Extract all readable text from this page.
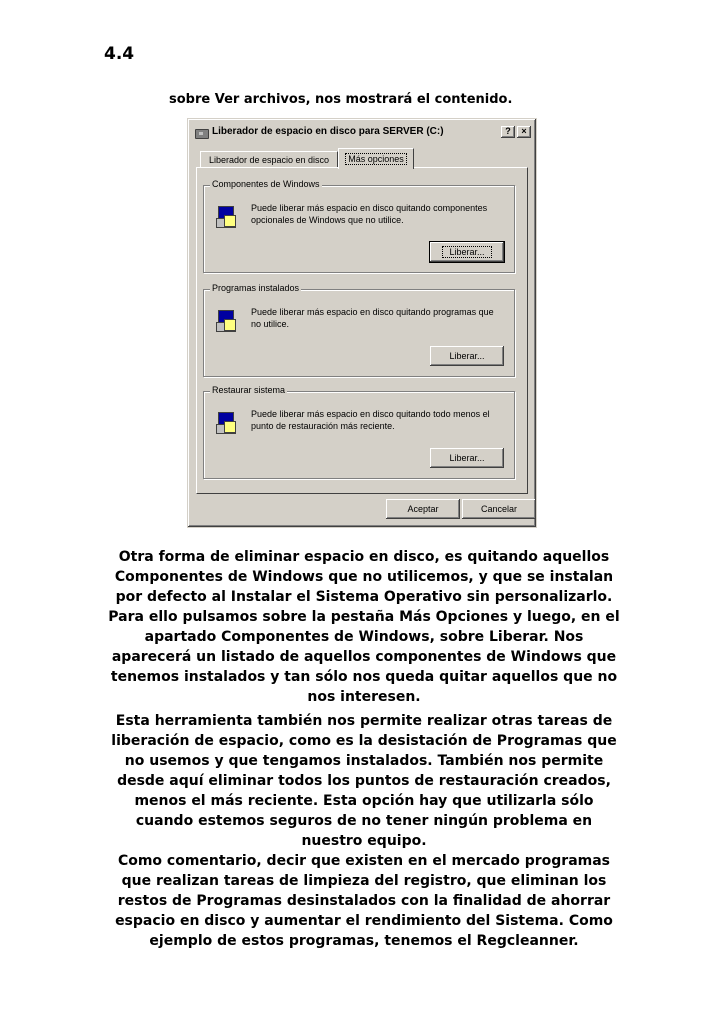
4.4
sobre Ver archivos, nos mostrará el contenido.
Liberador de espacio en disco para SERVER (C:)	?	×
Liberador de espacio en disco	Más opciones
Componentes de Windows
Puede liberar más espacio en disco quitando componentes opcionales de Windows que no utilice.
Liberar...
Programas instalados
Puede liberar más espacio en disco quitando programas que no utilice.
Liberar...
Restaurar sistema
Puede liberar más espacio en disco quitando todo menos el punto de restauración más reciente.
Liberar...
Aceptar	Cancelar

Otra forma de eliminar espacio en disco, es quitando aquellos Componentes de Windows que no utilicemos, y que se instalan por defecto al Instalar el Sistema Operativo sin personalizarlo. Para ello pulsamos sobre la pestaña Más Opciones y luego, en el apartado Componentes de Windows, sobre Liberar. Nos aparecerá un listado de aquellos componentes de Windows que tenemos instalados y tan sólo nos queda quitar aquellos que no nos interesen.

Esta herramienta también nos permite realizar otras tareas de liberación de espacio, como es la desistación de Programas que no usemos y que tengamos instalados. También nos permite desde aquí eliminar todos los puntos de restauración creados, menos el más reciente. Esta opción hay que utilizarla sólo cuando estemos seguros de no tener ningún problema en nuestro equipo.

Como comentario, decir que existen en el mercado programas que realizan tareas de limpieza del registro, que eliminan los restos de Programas desinstalados con la finalidad de ahorrar espacio en disco y aumentar el rendimiento del Sistema. Como ejemplo de estos programas, tenemos el Regcleanner.
